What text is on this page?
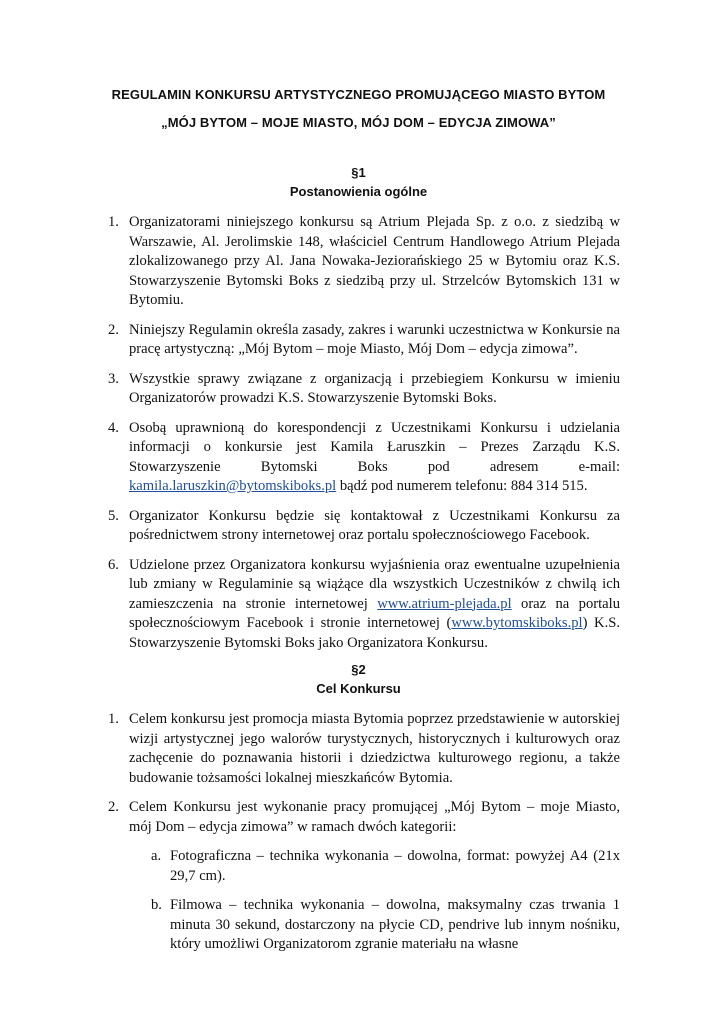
REGULAMIN KONKURSU ARTYSTYCZNEGO PROMUJĄCEGO MIASTO BYTOM

„MÓJ BYTOM – MOJE MIASTO, MÓJ DOM – EDYCJA ZIMOWA”

§1
Postanowienia ogólne
1. Organizatorami niniejszego konkursu są Atrium Plejada Sp. z o.o. z siedzibą w Warszawie, Al. Jerolimskie 148, właściciel Centrum Handlowego Atrium Plejada zlokalizowanego przy Al. Jana Nowaka-Jeziorańskiego 25 w Bytomiu oraz K.S. Stowarzyszenie Bytomski Boks z siedzibą przy ul. Strzelców Bytomskich 131 w Bytomiu.
2. Niniejszy Regulamin określa zasady, zakres i warunki uczestnictwa w Konkursie na pracę artystyczną: „Mój Bytom – moje Miasto, Mój Dom – edycja zimowa”.
3. Wszystkie sprawy związane z organizacją i przebiegiem Konkursu w imieniu Organizatorów prowadzi K.S. Stowarzyszenie Bytomski Boks.
4. Osobą uprawnioną do korespondencji z Uczestnikami Konkursu i udzielania informacji o konkursie jest Kamila Łaruszkin – Prezes Zarządu K.S. Stowarzyszenie Bytomski Boks pod adresem e-mail: kamila.laruszkin@bytomskiboks.pl bądź pod numerem telefonu: 884 314 515.
5. Organizator Konkursu będzie się kontaktował z Uczestnikami Konkursu za pośrednictwem strony internetowej oraz portalu społecznościowego Facebook.
6. Udzielone przez Organizatora konkursu wyjaśnienia oraz ewentualne uzupełnienia lub zmiany w Regulaminie są wiążące dla wszystkich Uczestników z chwilą ich zamieszczenia na stronie internetowej www.atrium-plejada.pl oraz na portalu społecznościowym Facebook i stronie internetowej (www.bytomskiboks.pl) K.S. Stowarzyszenie Bytomski Boks jako Organizatora Konkursu.
§2
Cel Konkursu
1. Celem konkursu jest promocja miasta Bytomia poprzez przedstawienie w autorskiej wizji artystycznej jego walorów turystycznych, historycznych i kulturowych oraz zachęcenie do poznawania historii i dziedzictwa kulturowego regionu, a także budowanie tożsamości lokalnej mieszkańców Bytomia.
2. Celem Konkursu jest wykonanie pracy promującej „Mój Bytom – moje Miasto, mój Dom – edycja zimowa” w ramach dwóch kategorii:
a. Fotograficzna – technika wykonania – dowolna, format: powyżej A4 (21x 29,7 cm).
b. Filmowa – technika wykonania – dowolna, maksymalny czas trwania 1 minuta 30 sekund, dostarczony na płycie CD, pendrive lub innym nośniku, który umożliwi Organizatorom zgranie materiału na własne
